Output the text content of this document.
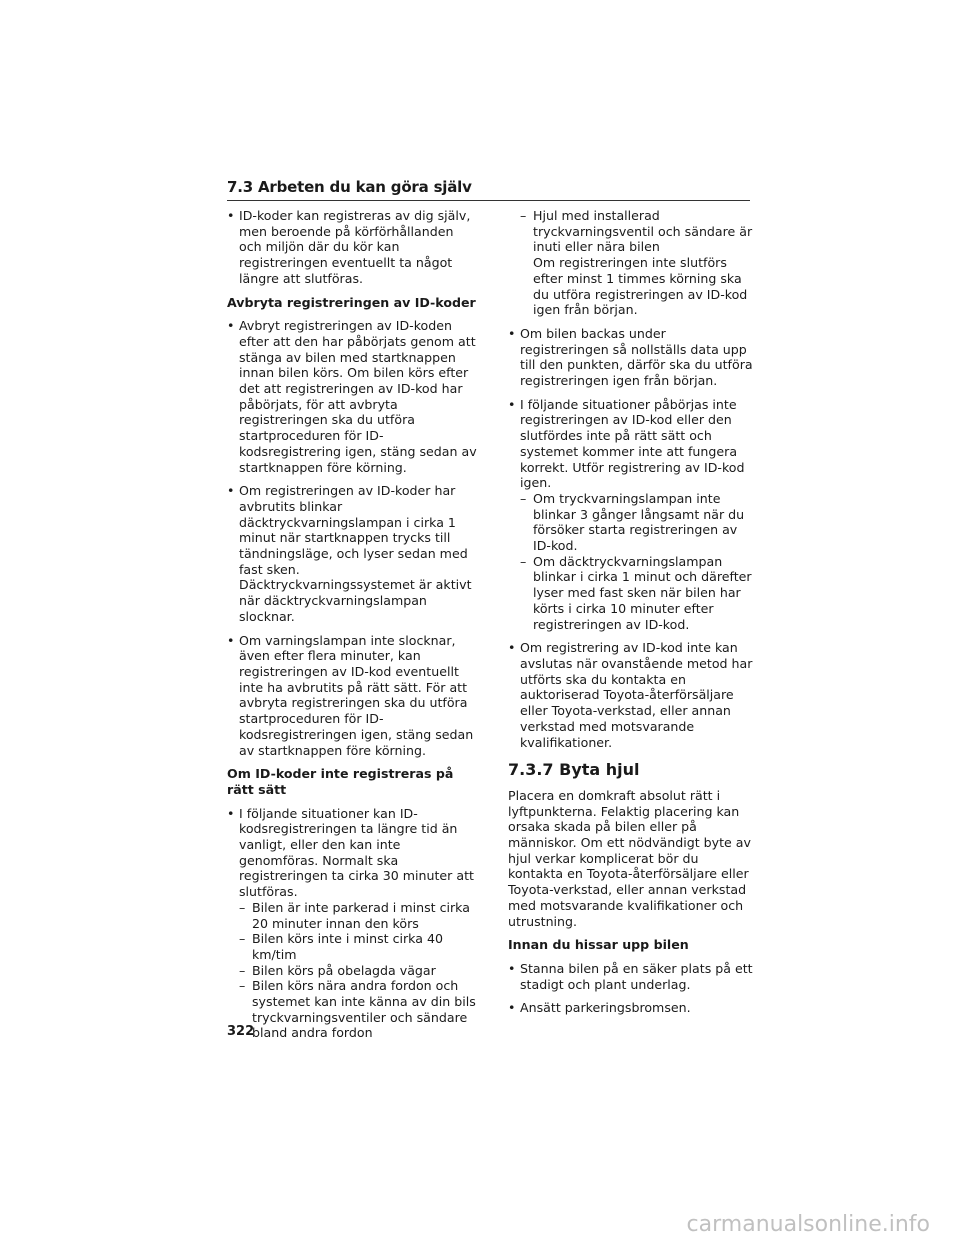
7.3 Arbeten du kan göra själv
• ID-koder kan registreras av dig själv, men beroende på körförhållanden och miljön där du kör kan registreringen eventuellt ta något längre att slutföras.
Avbryta registreringen av ID-koder
• Avbryt registreringen av ID-koden efter att den har påbörjats genom att stänga av bilen med startknappen innan bilen körs. Om bilen körs efter det att registreringen av ID-kod har påbörjats, för att avbryta registreringen ska du utföra startproceduren för ID-kodsregistrering igen, stäng sedan av startknappen före körning.
• Om registreringen av ID-koder har avbrutits blinkar däcktryckvarningslampan i cirka 1 minut när startknappen trycks till tändningsläge, och lyser sedan med fast sken. Däcktryckvarningssystemet är aktivt när däcktryckvarningslampan slocknar.
• Om varningslampan inte slocknar, även efter flera minuter, kan registreringen av ID-kod eventuellt inte ha avbrutits på rätt sätt. För att avbryta registreringen ska du utföra startproceduren för ID-kodsregistreringen igen, stäng sedan av startknappen före körning.
Om ID-koder inte registreras på rätt sätt
• I följande situationer kan ID-kodsregistreringen ta längre tid än vanligt, eller den kan inte genomföras. Normalt ska registreringen ta cirka 30 minuter att slutföras.
– Bilen är inte parkerad i minst cirka 20 minuter innan den körs
– Bilen körs inte i minst cirka 40 km/tim
– Bilen körs på obelagda vägar
– Bilen körs nära andra fordon och systemet kan inte känna av din bils tryckvarningsventiler och sändare bland andra fordon
– Hjul med installerad tryckvarningsventil och sändare är inuti eller nära bilen
Om registreringen inte slutförs efter minst 1 timmes körning ska du utföra registreringen av ID-kod igen från början.
• Om bilen backas under registreringen så nollställs data upp till den punkten, därför ska du utföra registreringen igen från början.
• I följande situationer påbörjas inte registreringen av ID-kod eller den slutfördes inte på rätt sätt och systemet kommer inte att fungera korrekt. Utför registrering av ID-kod igen.
– Om tryckvarningslampan inte blinkar 3 gånger långsamt när du försöker starta registreringen av ID-kod.
– Om däcktryckvarningslampan blinkar i cirka 1 minut och därefter lyser med fast sken när bilen har körts i cirka 10 minuter efter registreringen av ID-kod.
• Om registrering av ID-kod inte kan avslutas när ovanstående metod har utförts ska du kontakta en auktoriserad Toyota-återförsäljare eller Toyota-verkstad, eller annan verkstad med motsvarande kvalifikationer.
7.3.7 Byta hjul
Placera en domkraft absolut rätt i lyftpunkterna. Felaktig placering kan orsaka skada på bilen eller på människor. Om ett nödvändigt byte av hjul verkar komplicerat bör du kontakta en Toyota-återförsäljare eller Toyota-verkstad, eller annan verkstad med motsvarande kvalifikationer och utrustning.
Innan du hissar upp bilen
• Stanna bilen på en säker plats på ett stadigt och plant underlag.
• Ansätt parkeringsbromsen.
322
carmanualsonline.info
